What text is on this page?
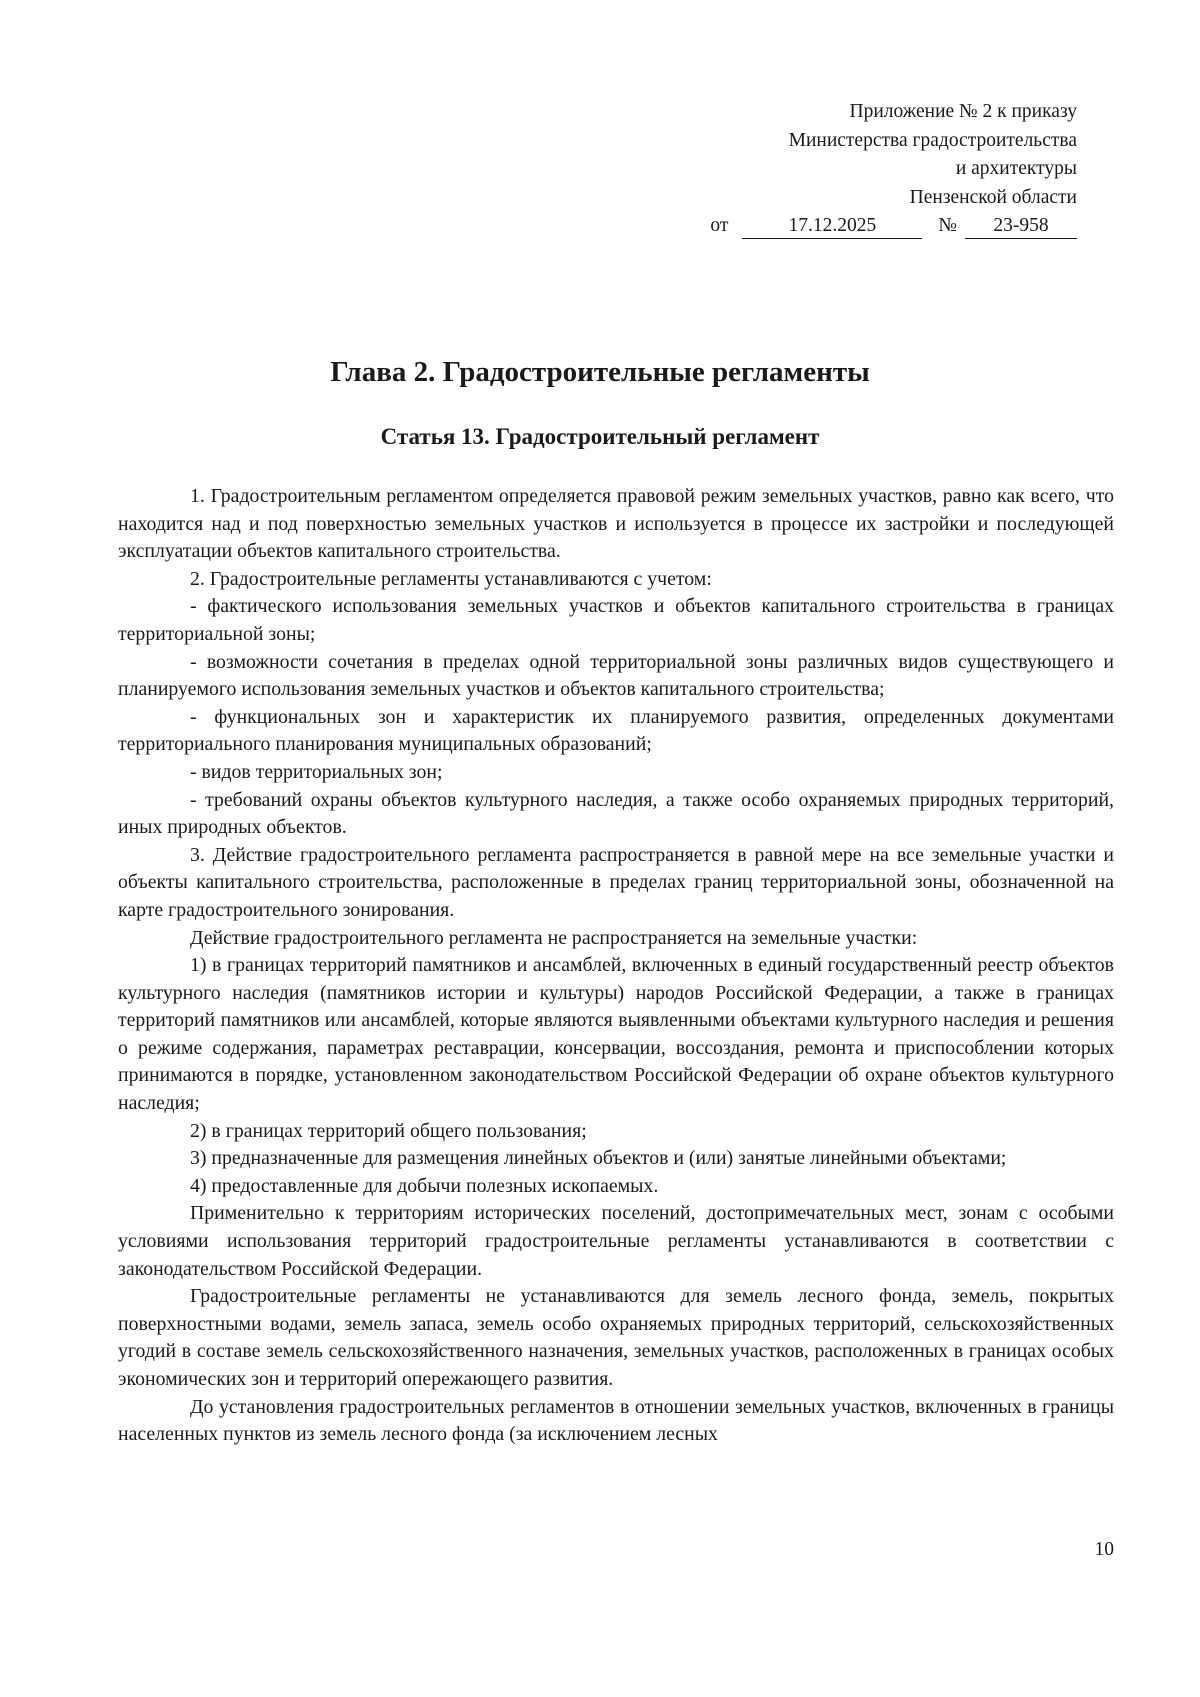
Приложение № 2 к приказу
Министерства градостроительства
и архитектуры
Пензенской области
от	17.12.2025	№ 23-958
Глава 2. Градостроительные регламенты
Статья 13. Градостроительный регламент

1. Градостроительным регламентом определяется правовой режим земельных участков, равно как всего, что находится над и под поверхностью земельных участков и используется в процессе их застройки и последующей эксплуатации объектов капитального строительства.

2. Градостроительные регламенты устанавливаются с учетом:

- фактического использования земельных участков и объектов капитального строительства в границах территориальной зоны;

- возможности сочетания в пределах одной территориальной зоны различных видов существующего и планируемого использования земельных участков и объектов капитального строительства;

- функциональных зон и характеристик их планируемого развития, определенных документами территориального планирования муниципальных образований;

- видов территориальных зон;

- требований охраны объектов культурного наследия, а также особо охраняемых природных территорий, иных природных объектов.

3. Действие градостроительного регламента распространяется в равной мере на все земельные участки и объекты капитального строительства, расположенные в пределах границ территориальной зоны, обозначенной на карте градостроительного зонирования.

Действие градостроительного регламента не распространяется на земельные участки:

1) в границах территорий памятников и ансамблей, включенных в единый государственный реестр объектов культурного наследия (памятников истории и культуры) народов Российской Федерации, а также в границах территорий памятников или ансамблей, которые являются выявленными объектами культурного наследия и решения о режиме содержания, параметрах реставрации, консервации, воссоздания, ремонта и приспособлении которых принимаются в порядке, установленном законодательством Российской Федерации об охране объектов культурного наследия;

2) в границах территорий общего пользования;

3) предназначенные для размещения линейных объектов и (или) занятые линейными объектами;

4) предоставленные для добычи полезных ископаемых.

Применительно к территориям исторических поселений, достопримечательных мест, зонам с особыми условиями использования территорий градостроительные регламенты устанавливаются в соответствии с законодательством Российской Федерации.

Градостроительные регламенты не устанавливаются для земель лесного фонда, земель, покрытых поверхностными водами, земель запаса, земель особо охраняемых природных территорий, сельскохозяйственных угодий в составе земель сельскохозяйственного назначения, земельных участков, расположенных в границах особых экономических зон и территорий опережающего развития.

До установления градостроительных регламентов в отношении земельных участков, включенных в границы населенных пунктов из земель лесного фонда (за исключением лесных

10
